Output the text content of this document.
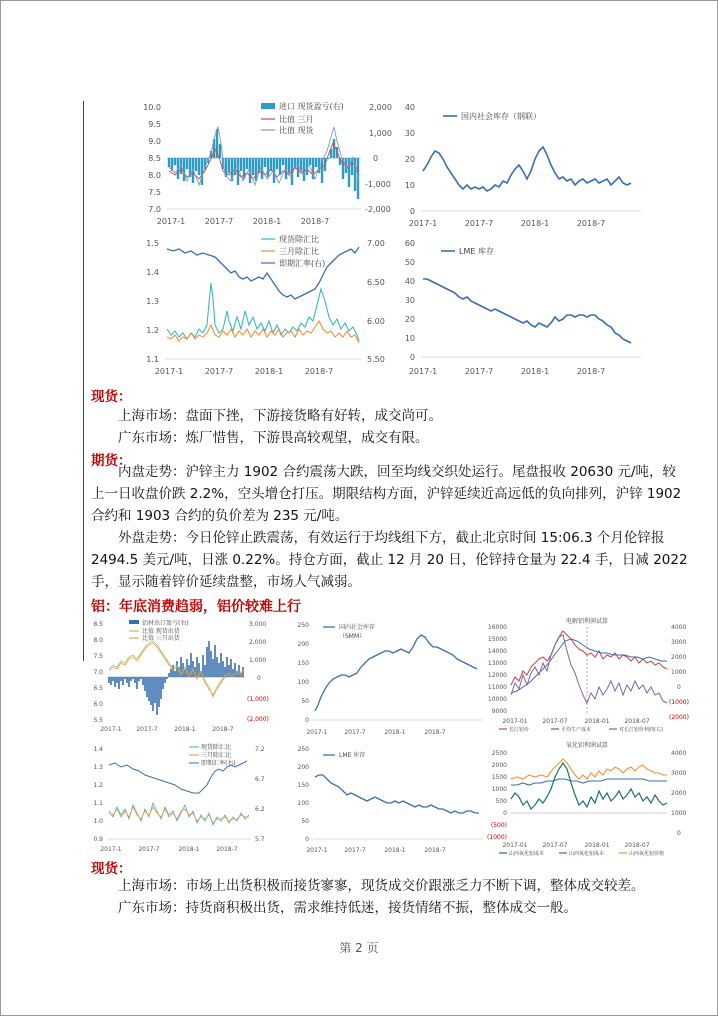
10.0
9.5
9.0
8.5
8.0
7.5
7.0
2,000
1,000
0
-1,000
-2,000
2017-1 2017-7 2018-1 2018-7
进口 现货盈亏(右)
比值 三月
比值 现货
40
30
20
10
0
国内社会库存（钢联）
2017-1	2017-7	2018-1	2018-7
1.5
1.4
1.3
1.2
1.1
7.00
6.50
6.00
5.50
现货除汇比
三月除汇比
即期汇率(右)
2017-1	2017-7	2018-1	2018-7
60
50
40
30
20
10
0
LME 库存
2017-1	2017-7	2018-1	2018-7
现货：
上海市场：盘面下挫，下游接货略有好转，成交尚可。
广东市场：炼厂惜售，下游畏高较观望，成交有限。
期货：
内盘走势：沪锌主力 1902 合约震荡大跌，回至均线交织处运行。尾盘报收 20630 元/吨，较
上一日收盘价跌 2.2%，空头增仓打压。期限结构方面，沪锌延续近高远低的负向排列，沪锌 1902
合约和 1903 合约的负价差为 235 元/吨。
外盘走势：今日伦锌止跌震荡，有效运行于均线组下方，截止北京时间 15:06.3 个月伦锌报
2494.5 美元/吨，日涨 0.22%。持仓方面，截止 12 月 20 日，伦锌持仓量为 22.4 手，日减 2022
手，显示随着锌价延续盘整，市场人气减弱。
铝：年底消费趋弱，铝价较难上行
8.5
8.0
7.5
7.0
6.5
6.0
5.5
3,000
2,000
1,000
0
(1,000)
(2,000)
铝材出口盈亏(右)
比值 现货出货
比值 三月出货
2017-1 2017-7	2018-1	2018-7
250
200
150
100
50
0
国内社会库存
（SMM）
2017-1	2017-7	2018-1	2018-7
电解铝利润试算
16000
15000
14000
13000
12000
11000
10000
9000
4000
3000
2000
1000
0
(1000)
(2000)
2017-01 2017-07	2018-01 2018-07
长江铝价	平均生产成本	对长江铝价利润(右)
1.4
1.3
1.2
1.1
1.0
0.9
7.2
6.7
6.2
5.7
现货除汇比
三月除汇比
即期汇率(右)
2017-1	2017-7	2018-1	2018-7
250
200
150
100
50
0
LME 库存
2017-1	2017-7	2018-1	2018-7
氧化铝利润试算
2500
2000
1500
1000
500
0
(500)
(1000)
4000
3000
2000
1000
0
2017-01 2017-07	2018-01 2018-07
山西氧化铝成本	山西氧化铝成本	山西氧化铝价格
现货：
上海市场：市场上出货积极而接货寥寥，现货成交价跟涨乏力不断下调，整体成交较差。
广东市场：持货商积极出货，需求维持低迷，接货情绪不振，整体成交一般。
第 2 页
